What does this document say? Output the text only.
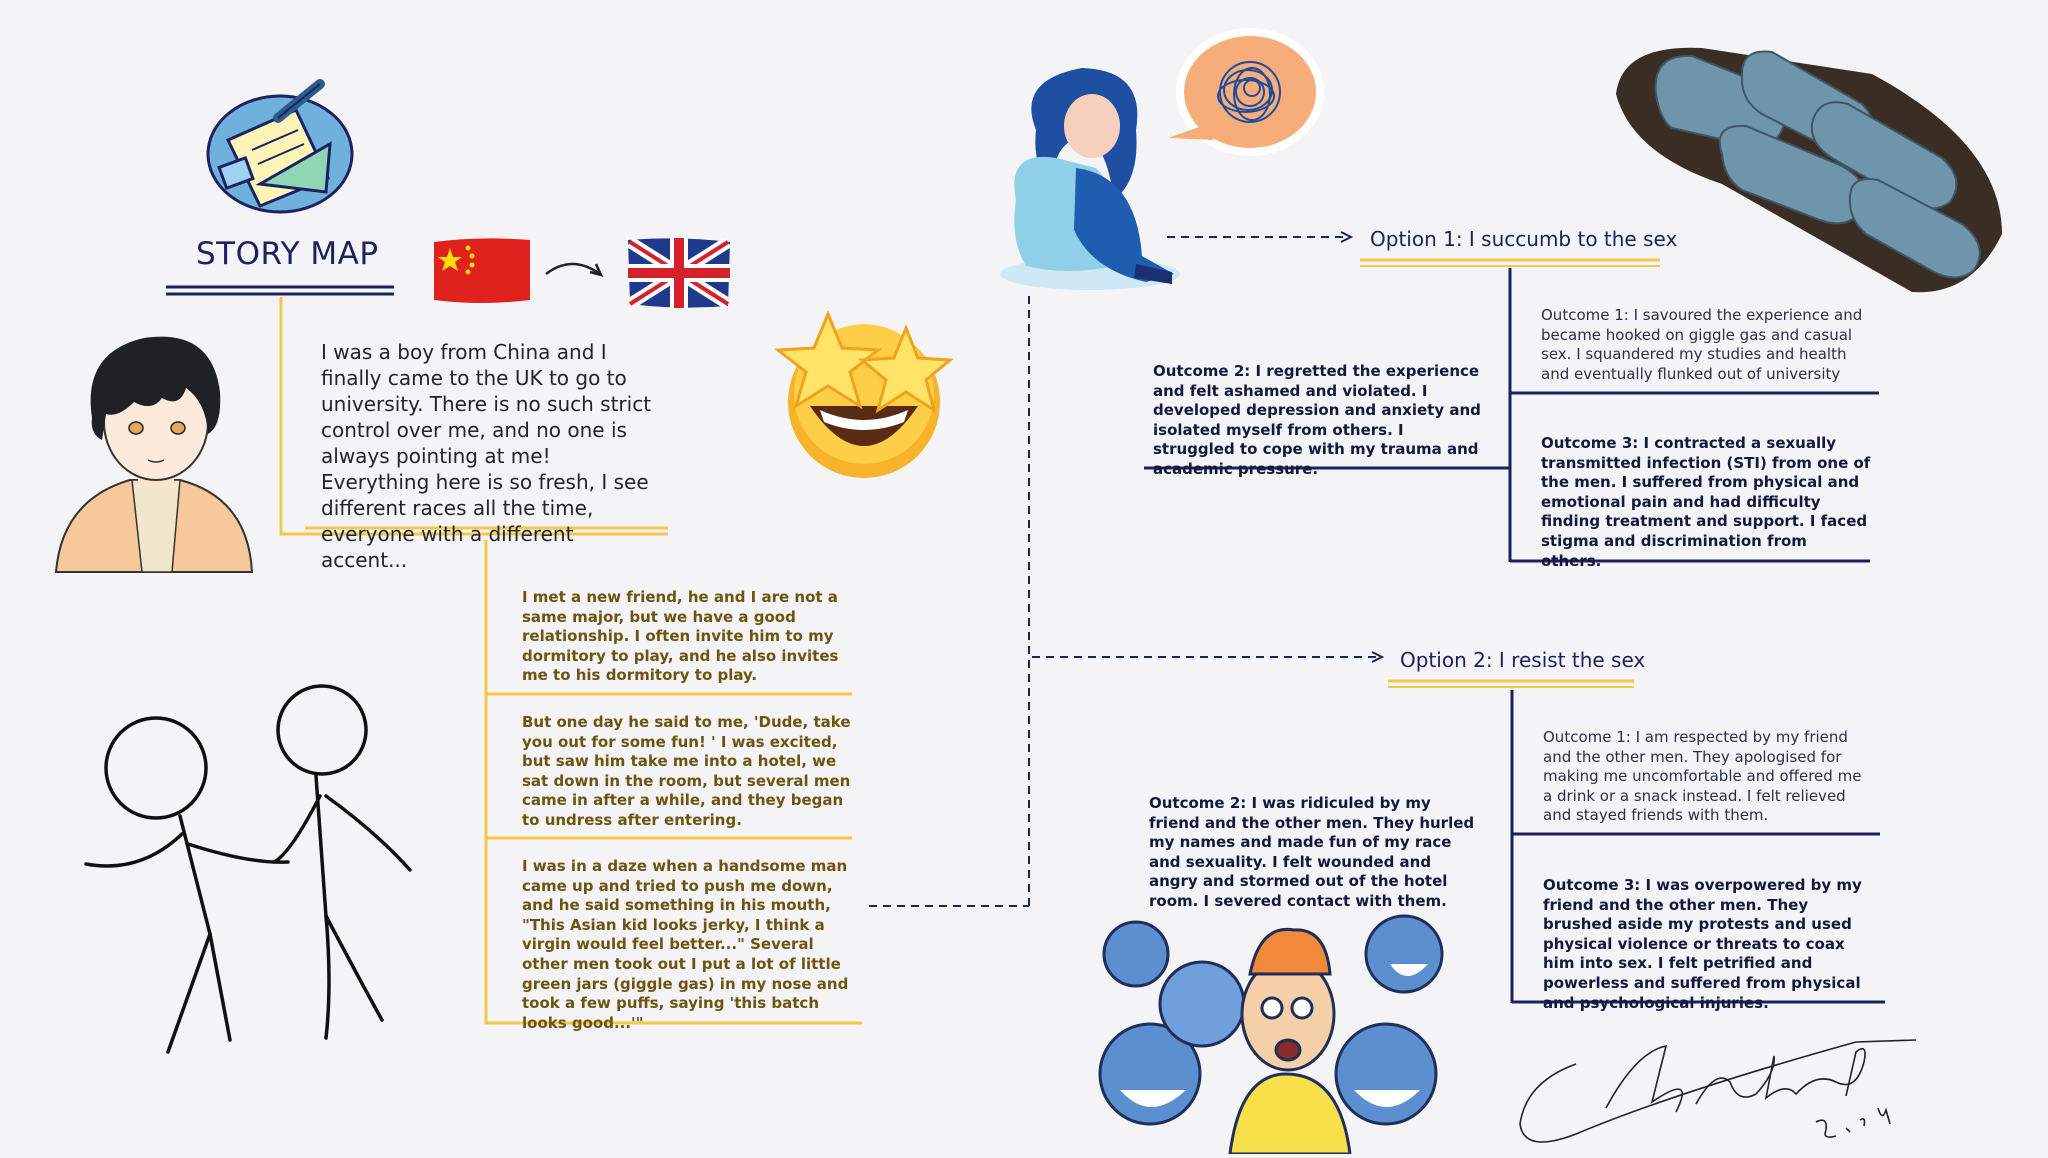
STORY MAP
I was a boy from China and I finally came to the UK to go to university. There is no such strict control over me, and no one is always pointing at me! Everything here is so fresh, I see different races all the time, everyone with a different accent...
I met a new friend, he and I are not a same major, but we have a good relationship. I often invite him to my dormitory to play, and he also invites me to his dormitory to play.
But one day he said to me, 'Dude, take you out for some fun! ' I was excited, but saw him take me into a hotel, we sat down in the room, but several men came in after a while, and they began to undress after entering.
I was in a daze when a handsome man came up and tried to push me down, and he said something in his mouth, "This Asian kid looks jerky, I think a virgin would feel better..." Several other men took out I put a lot of little green jars (giggle gas) in my nose and took a few puffs, saying 'this batch looks good...'"
Option 1: I succumb to the sex
Outcome 1: I savoured the experience and became hooked on giggle gas and casual sex. I squandered my studies and health and eventually flunked out of university
Outcome 2: I regretted the experience and felt ashamed and violated. I developed depression and anxiety and isolated myself from others. I struggled to cope with my trauma and academic pressure.
Outcome 3: I contracted a sexually transmitted infection (STI) from one of the men. I suffered from physical and emotional pain and had difficulty finding treatment and support. I faced stigma and discrimination from others.
Option 2: I resist the sex
Outcome 1: I am respected by my friend and the other men. They apologised for making me uncomfortable and offered me a drink or a snack instead. I felt relieved and stayed friends with them.
Outcome 2: I was ridiculed by my friend and the other men. They hurled my names and made fun of my race and sexuality. I felt wounded and angry and stormed out of the hotel room. I severed contact with them.
Outcome 3: I was overpowered by my friend and the other men. They brushed aside my protests and used physical violence or threats to coax him into sex. I felt petrified and powerless and suffered from physical and psychological injuries.
